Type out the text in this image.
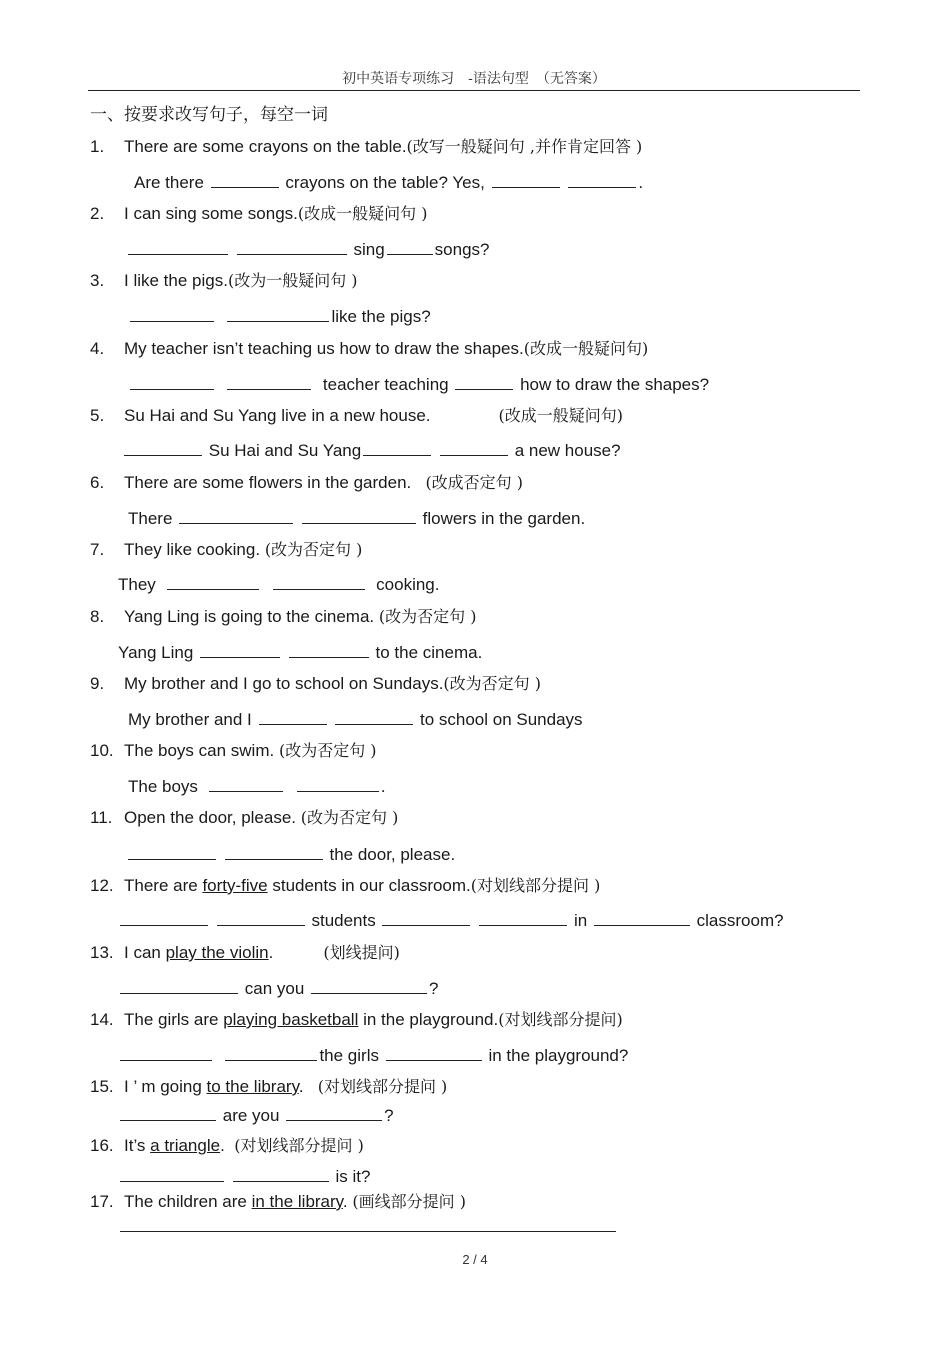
初中英语专项练习　-语法句型　（无答案）
一、按要求改写句子，每空一词
1. There are some crayons on the table.(改写一般疑问句 ,并作肯定回答 )
Are there	crayons on the table? Yes,	.
2. I can sing some songs.(改成一般疑问句 )
sing	songs?
3. I like the pigs.(改为一般疑问句 )
like the pigs?
4. My teacher isn’t teaching us how to draw the shapes.(改成一般疑问句)
teacher teaching	how to draw the shapes?
5. Su Hai and Su Yang live in a new house.	(改成一般疑问句)
Su Hai and Su Yang	a new house?
6. There are some flowers in the garden. (改成否定句 )
There	flowers in the garden.
7. They like cooking. (改为否定句 )
They	cooking.
8. Yang Ling is going to the cinema. (改为否定句 )
Yang Ling	to the cinema.
9. My brother and I go to school on Sundays.(改为否定句 )
My brother and I	to school on Sundays
10. The boys can swim. (改为否定句 )
The boys	.
11. Open the door, please. (改为否定句 )
the door, please.
12. There are forty-five students in our classroom.(对划线部分提问 )
students	in	classroom?
13. I can play the violin.	(划线提问)
can you	?
14. The girls are playing basketball in the playground.(对划线部分提问)
the girls	in the playground?
15. I ’ m going to the library. (对划线部分提问 )
are you	?
16. It’s a triangle. (对划线部分提问 )
is it?
17. The children are in the library. (画线部分提问 )
2 / 4
